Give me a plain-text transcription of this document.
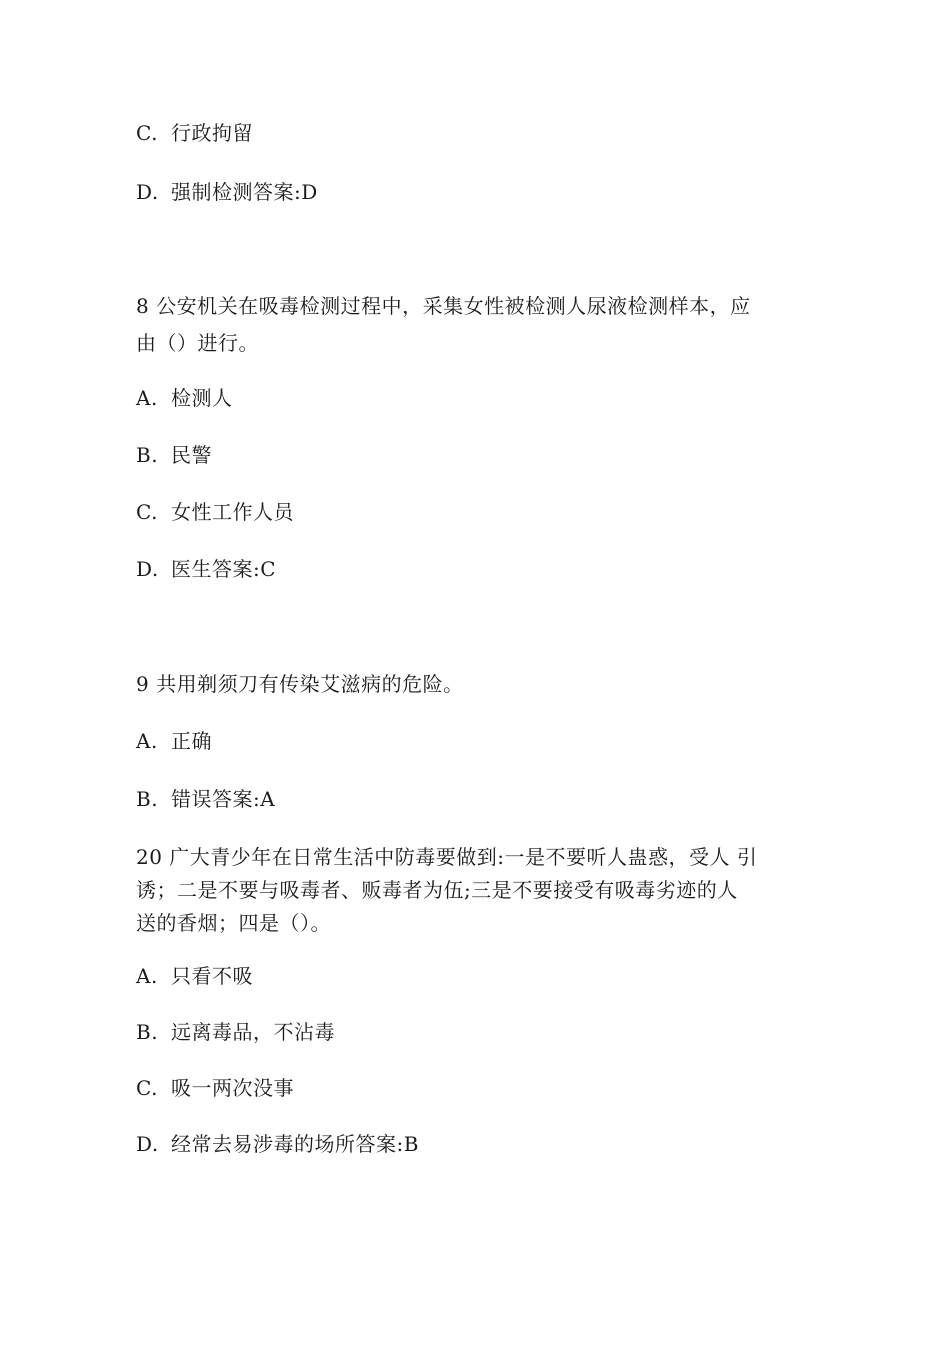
C. 行政拘留
D. 强制检测答案:D
8 公安机关在吸毒检测过程中，采集女性被检测人尿液检测样本，应
由（）进行。
A. 检测人
B. 民警
C. 女性工作人员
D. 医生答案:C
9 共用剃须刀有传染艾滋病的危险。
A. 正确
B. 错误答案:A
20 广大青少年在日常生活中防毒要做到:一是不要听人蛊惑，受人 引
诱；二是不要与吸毒者、贩毒者为伍;三是不要接受有吸毒劣迹的人
送的香烟；四是（）。
A. 只看不吸
B. 远离毒品，不沾毒
C. 吸一两次没事
D. 经常去易涉毒的场所答案:B
